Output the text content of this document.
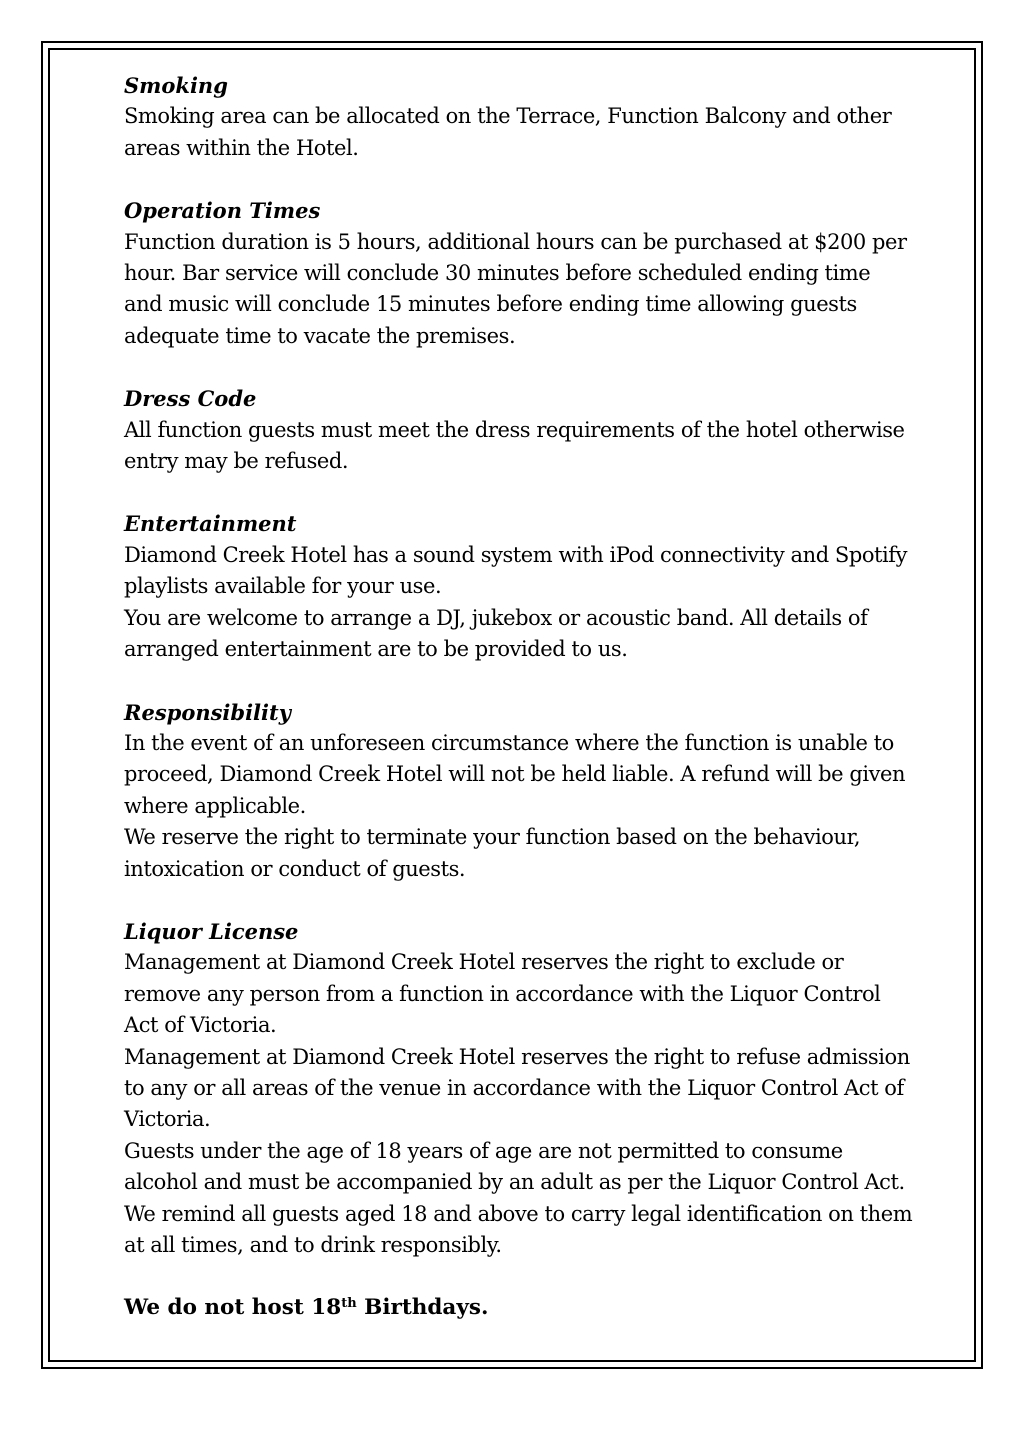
Smoking

Smoking area can be allocated on the Terrace, Function Balcony and other areas within the Hotel.

Operation Times

Function duration is 5 hours, additional hours can be purchased at $200 per hour. Bar service will conclude 30 minutes before scheduled ending time and music will conclude 15 minutes before ending time allowing guests adequate time to vacate the premises.

Dress Code

All function guests must meet the dress requirements of the hotel otherwise entry may be refused.

Entertainment

Diamond Creek Hotel has a sound system with iPod connectivity and Spotify playlists available for your use.

You are welcome to arrange a DJ, jukebox or acoustic band. All details of arranged entertainment are to be provided to us.

Responsibility

In the event of an unforeseen circumstance where the function is unable to proceed, Diamond Creek Hotel will not be held liable. A refund will be given where applicable.

We reserve the right to terminate your function based on the behaviour, intoxication or conduct of guests.

Liquor License

Management at Diamond Creek Hotel reserves the right to exclude or remove any person from a function in accordance with the Liquor Control Act of Victoria.

Management at Diamond Creek Hotel reserves the right to refuse admission to any or all areas of the venue in accordance with the Liquor Control Act of Victoria.

Guests under the age of 18 years of age are not permitted to consume alcohol and must be accompanied by an adult as per the Liquor Control Act. We remind all guests aged 18 and above to carry legal identification on them at all times, and to drink responsibly.

We do not host 18th Birthdays.
